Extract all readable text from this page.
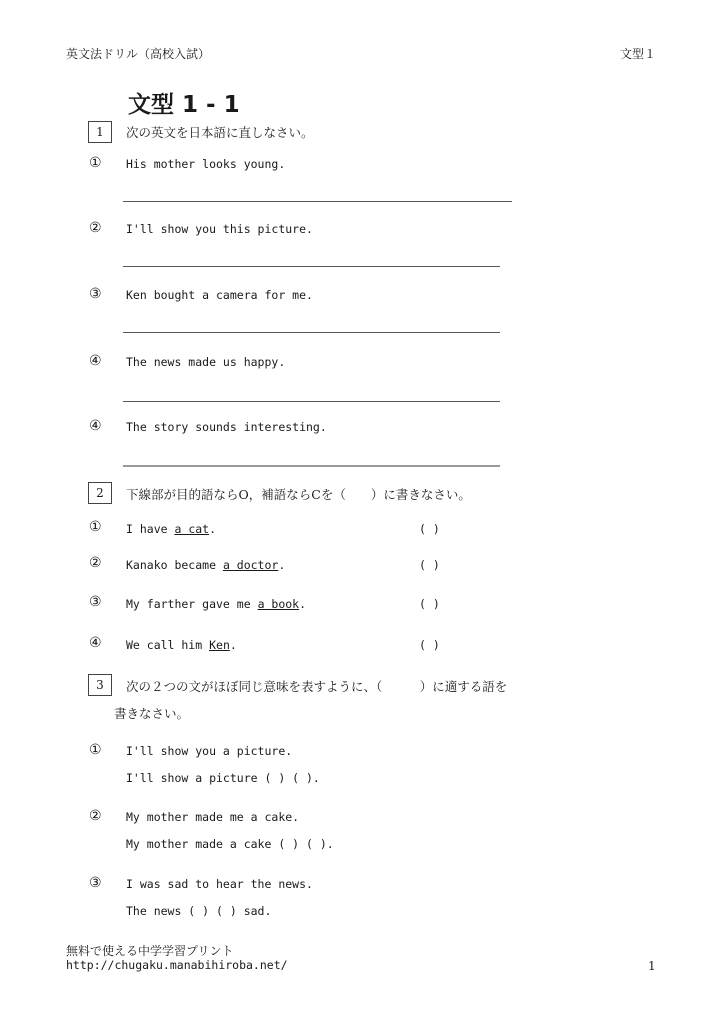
英文法ドリル（高校入試）	文型１
文型 1 - 1
1	次の英文を日本語に直しなさい。
① His mother looks young.
② I'll show you this picture.
③ Ken bought a camera for me.
④ The news made us happy.
④ The story sounds interesting.
2	下線部が目的語ならO，補語ならCを（　　）に書きなさい。
① I have a cat.	( )
② Kanako became a doctor.	( )
③ My farther gave me a book.	( )
④ We call him Ken.	( )
3	次の２つの文がほぼ同じ意味を表すように、（　　　）に適する語を
書きなさい。
① I'll show you a picture.
I'll show a picture ( ) ( ).
② My mother made me a cake.
My mother made a cake ( ) ( ).
③ I was sad to hear the news.
The news ( ) ( ) sad.
無料で使える中学学習プリント
http://chugaku.manabihiroba.net/	1
